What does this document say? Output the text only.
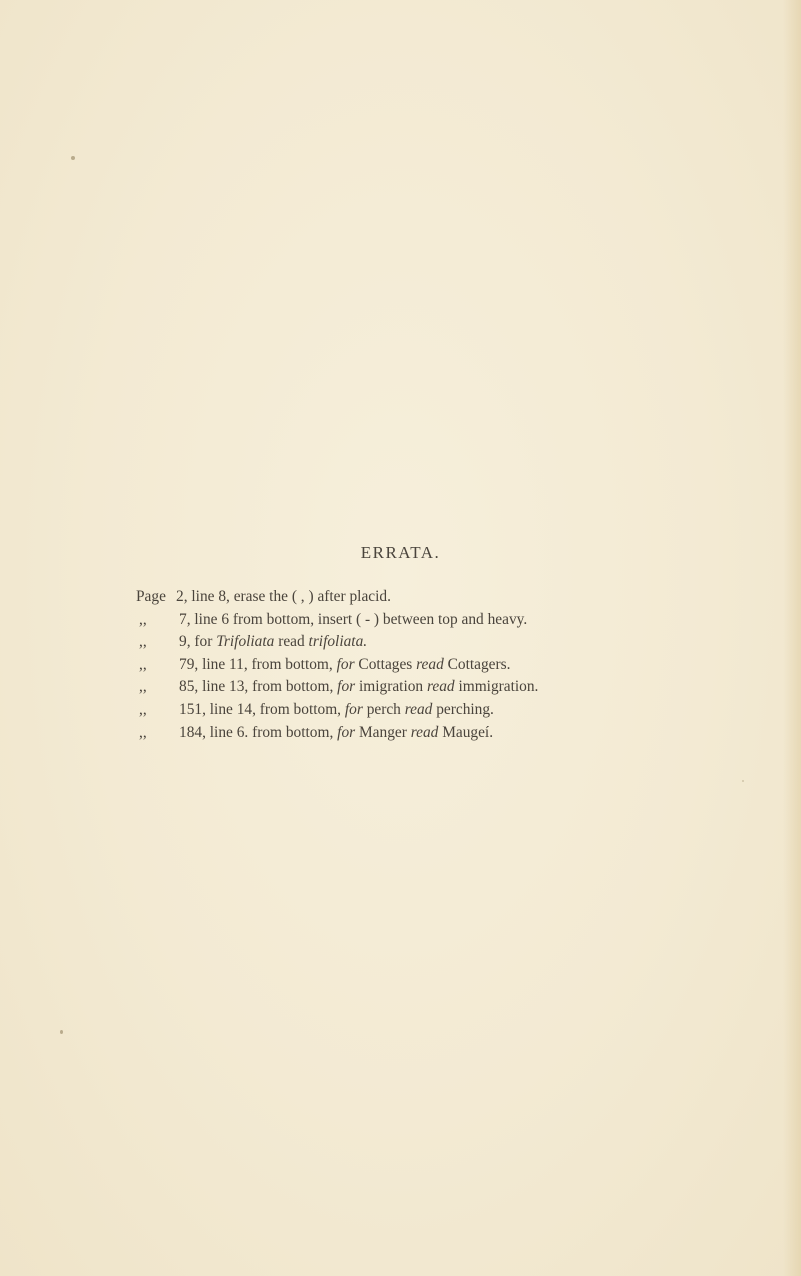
ERRATA.
Page 2, line 8, erase the ( , ) after placid.
,, 7, line 6 from bottom, insert ( - ) between top and heavy.
,, 9, for Trifoliata read trifoliata.
,, 79, line 11, from bottom, for Cottages read Cottagers.
,, 85, line 13, from bottom, for imigration read immigration.
,, 151, line 14, from bottom, for perch read perching.
,, 184, line 6. from bottom, for Manger read Maugeí.
